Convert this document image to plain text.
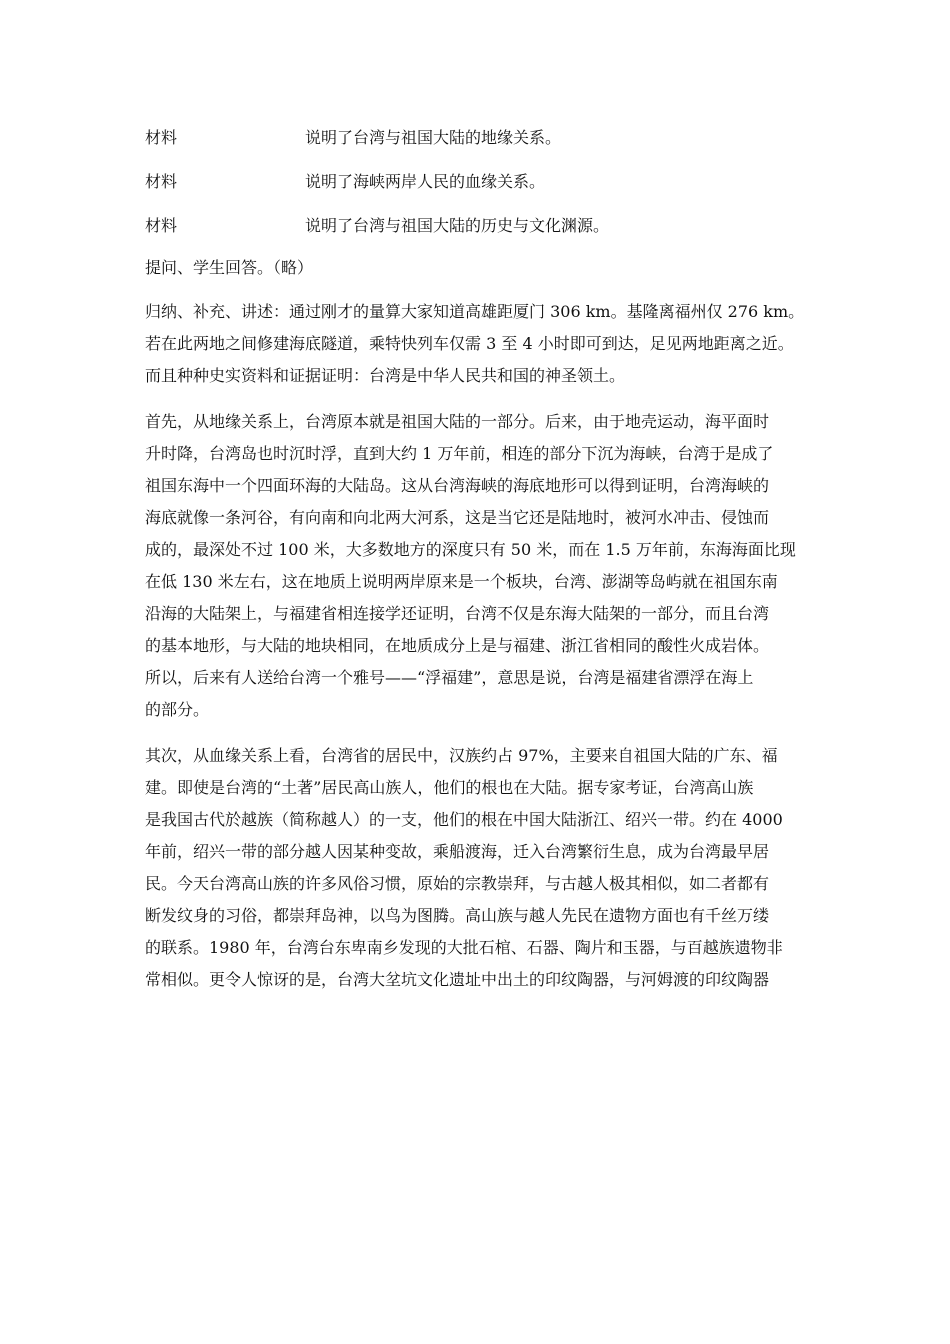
材料	说明了台湾与祖国大陆的地缘关系。
材料	说明了海峡两岸人民的血缘关系。
材料	说明了台湾与祖国大陆的历史与文化渊源。
提问、学生回答。（略）
归纳、补充、讲述：通过刚才的量算大家知道高雄距厦门 306 km。基隆离福州仅 276 km。
若在此两地之间修建海底隧道，乘特快列车仅需 3 至 4 小时即可到达，足见两地距离之近。
而且种种史实资料和证据证明：台湾是中华人民共和国的神圣领土。
首先，从地缘关系上，台湾原本就是祖国大陆的一部分。后来，由于地壳运动，海平面时
升时降，台湾岛也时沉时浮，直到大约 1 万年前，相连的部分下沉为海峡，台湾于是成了
祖国东海中一个四面环海的大陆岛。这从台湾海峡的海底地形可以得到证明，台湾海峡的
海底就像一条河谷，有向南和向北两大河系，这是当它还是陆地时，被河水冲击、侵蚀而
成的，最深处不过 100 米，大多数地方的深度只有 50 米，而在 1.5 万年前，东海海面比现
在低 130 米左右，这在地质上说明两岸原来是一个板块，台湾、澎湖等岛屿就在祖国东南
沿海的大陆架上，与福建省相连接学还证明，台湾不仅是东海大陆架的一部分，而且台湾
的基本地形，与大陆的地块相同，在地质成分上是与福建、浙江省相同的酸性火成岩体。
所以，后来有人送给台湾一个雅号——“浮福建”，意思是说，台湾是福建省漂浮在海上
的部分。
其次，从血缘关系上看，台湾省的居民中，汉族约占 97%，主要来自祖国大陆的广东、福
建。即使是台湾的“土著”居民高山族人，他们的根也在大陆。据专家考证，台湾高山族
是我国古代於越族（简称越人）的一支，他们的根在中国大陆浙江、绍兴一带。约在 4000
年前，绍兴一带的部分越人因某种变故，乘船渡海，迁入台湾繁衍生息，成为台湾最早居
民。今天台湾高山族的许多风俗习惯，原始的宗教崇拜，与古越人极其相似，如二者都有
断发纹身的习俗，都崇拜岛神，以鸟为图腾。高山族与越人先民在遗物方面也有千丝万缕
的联系。1980 年，台湾台东卑南乡发现的大批石棺、石器、陶片和玉器，与百越族遗物非
常相似。更令人惊讶的是，台湾大坌坑文化遗址中出土的印纹陶器，与河姆渡的印纹陶器
